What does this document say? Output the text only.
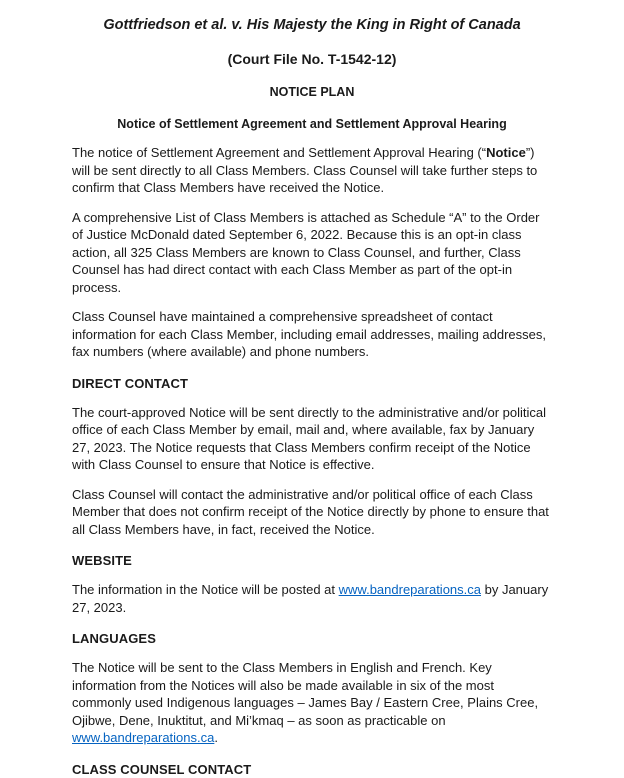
Gottfriedson et al. v. His Majesty the King in Right of Canada

(Court File No. T-1542-12)

NOTICE PLAN

Notice of Settlement Agreement and Settlement Approval Hearing

The notice of Settlement Agreement and Settlement Approval Hearing (“Notice”) will be sent directly to all Class Members. Class Counsel will take further steps to confirm that Class Members have received the Notice.

A comprehensive List of Class Members is attached as Schedule “A” to the Order of Justice McDonald dated September 6, 2022. Because this is an opt-in class action, all 325 Class Members are known to Class Counsel, and further, Class Counsel has had direct contact with each Class Member as part of the opt-in process.

Class Counsel have maintained a comprehensive spreadsheet of contact information for each Class Member, including email addresses, mailing addresses, fax numbers (where available) and phone numbers.

DIRECT CONTACT

The court-approved Notice will be sent directly to the administrative and/or political office of each Class Member by email, mail and, where available, fax by January 27, 2023. The Notice requests that Class Members confirm receipt of the Notice with Class Counsel to ensure that Notice is effective.

Class Counsel will contact the administrative and/or political office of each Class Member that does not confirm receipt of the Notice directly by phone to ensure that all Class Members have, in fact, received the Notice.

WEBSITE

The information in the Notice will be posted at www.bandreparations.ca by January 27, 2023.

LANGUAGES

The Notice will be sent to the Class Members in English and French. Key information from the Notices will also be made available in six of the most commonly used Indigenous languages – James Bay / Eastern Cree, Plains Cree, Ojibwe, Dene, Inuktitut, and Mi’kmaq – as soon as practicable on www.bandreparations.ca.

CLASS COUNSEL CONTACT
